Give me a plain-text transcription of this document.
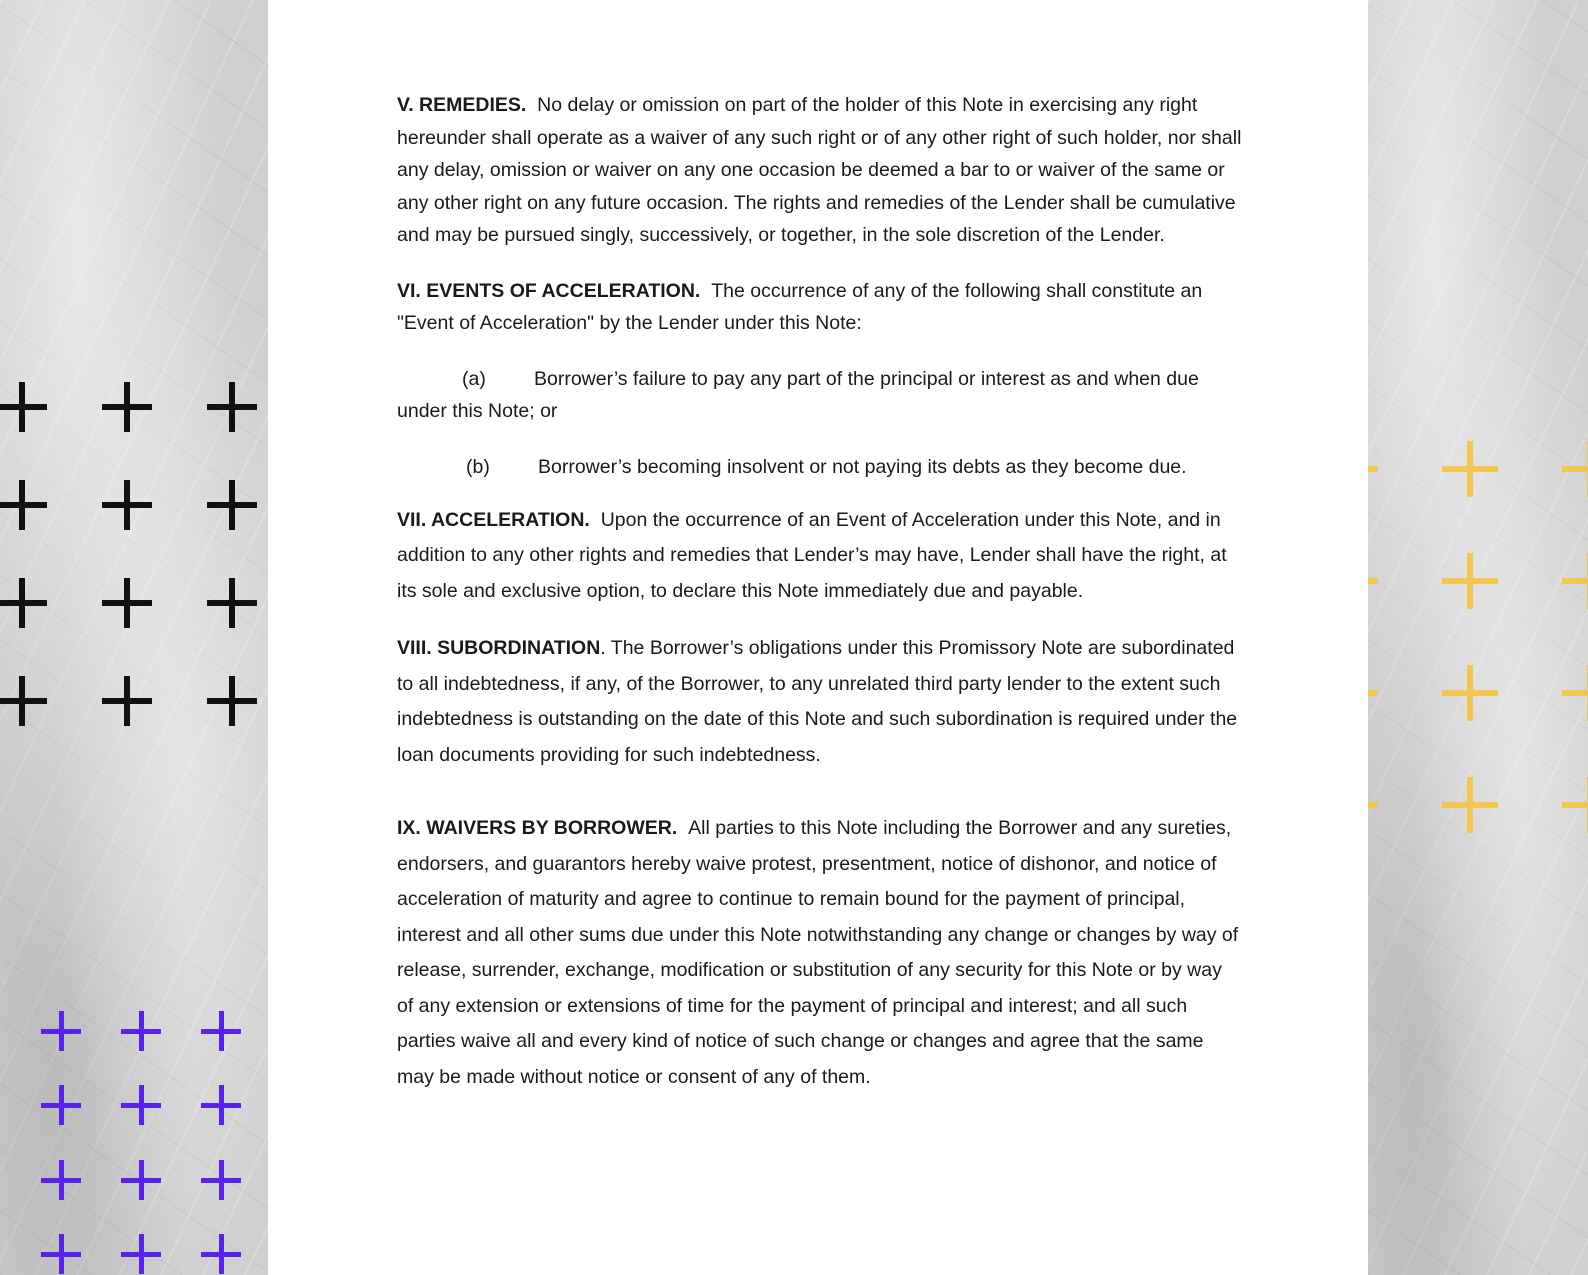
V. REMEDIES. No delay or omission on part of the holder of this Note in exercising any right hereunder shall operate as a waiver of any such right or of any other right of such holder, nor shall any delay, omission or waiver on any one occasion be deemed a bar to or waiver of the same or any other right on any future occasion. The rights and remedies of the Lender shall be cumulative and may be pursued singly, successively, or together, in the sole discretion of the Lender.

VI. EVENTS OF ACCELERATION. The occurrence of any of the following shall constitute an "Event of Acceleration" by the Lender under this Note:

(a) Borrower’s failure to pay any part of the principal or interest as and when due under this Note; or

(b) Borrower’s becoming insolvent or not paying its debts as they become due.

VII. ACCELERATION. Upon the occurrence of an Event of Acceleration under this Note, and in addition to any other rights and remedies that Lender’s may have, Lender shall have the right, at its sole and exclusive option, to declare this Note immediately due and payable.

VIII. SUBORDINATION. The Borrower’s obligations under this Promissory Note are subordinated to all indebtedness, if any, of the Borrower, to any unrelated third party lender to the extent such indebtedness is outstanding on the date of this Note and such subordination is required under the loan documents providing for such indebtedness.

IX. WAIVERS BY BORROWER. All parties to this Note including the Borrower and any sureties, endorsers, and guarantors hereby waive protest, presentment, notice of dishonor, and notice of acceleration of maturity and agree to continue to remain bound for the payment of principal, interest and all other sums due under this Note notwithstanding any change or changes by way of release, surrender, exchange, modification or substitution of any security for this Note or by way of any extension or extensions of time for the payment of principal and interest; and all such parties waive all and every kind of notice of such change or changes and agree that the same may be made without notice or consent of any of them.
